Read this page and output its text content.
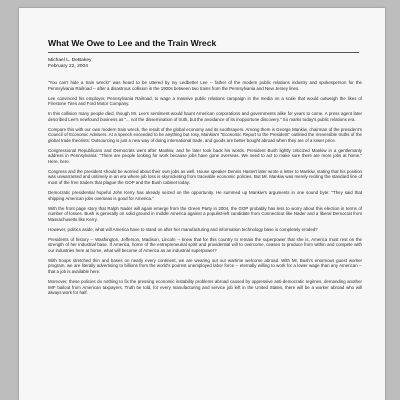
What We Owe to Lee and the Train Wreck
Michael L. DeBakey
February 22, 2004

"You can't hide a train wreck!" was heard to be uttered by Ivy Ledbetter Lee -- father of the modern public relations industry and spokesperson for the Pennsylvania Railroad -- after a disastrous collision in the 1900s between two trains from the Pennsylvania and New Jersey lines.

Lee convinced his employer, Pennsylvania Railroad, to wage a massive public relations campaign in the media on a scale that would outweigh the likes of Firestone Tires and Ford Motor Company.

In this collision many people died, though Mr. Lee's sentiment would haunt American corporations and governments alike for years to come. A press agent later described Lee's newfound business as "... not the dissemination of truth, but the avoidance of its inopportune discovery." So marks today's public relations era.

Compare this with our own modern train wreck, the result of the global economy and its soothsayers. Among them is George Mankiw, chairman of the president's Council of Economic Advisers. At a speech exceeded to be anything but rosy, Mankiw's "Economic Report to the President" outlined the irreversible truths of the global trade theorists: Outsourcing is just a new way of doing international trade, and goods are better bought abroad when they are of a lower price.

Congressional Republicans and Democrats went after Mankiw, and he later took back his words. President Bush lightly criticized Mankiw in a gentlemanly address in Pennsylvania: "There are people looking for work because jobs have gone overseas. We need to act to make sure there are more jobs at home." Here, here.

Congress and the president should be worried about their own jobs as well. House speaker Dennis Hastert later wrote a letter to Mankiw, stating that his position was unwarranted and untimely in an era where job loss is skyrocketing from traceable economic policies. But Mr. Mankiw was merely reciting the standard line of most of the free traders that plague the GOP and the Bush cabinet today.

Democratic presidential hopeful John Kerry has already seized on the opportunity. He summed up Mankiw's arguments in one sound byte: "They said that shipping American jobs overseas is good for America."

With the front page story that Ralph Nader will again emerge from the Green Party in 2004, the GOP probably has less to worry about this election in terms of number of losses. Bush is generally on solid ground in middle America against a populist-left candidate from Connecticut like Nader and a liberal Democrat from Massachusetts like Kerry.

However, politics aside, what will America have to stand on after her manufacturing and information technology base is completely eroded?

Presidents of history -- Washington, Jefferson, Madison, Lincoln -- knew that for this country to remain the superpower that she is, America must rest on the strength of her industrial base. If America, home of the entrepreneurial spirit and providential will to overcome, ceases to produce from within and compete with our industries here at home, what will become of America as an industrial superpower?

With troops stretched thin and bases on nearly every continent, we are wearing out our wartime welcome abroad. With Mr. Bush's enormous guest worker program, we are literally advertising to billions from the world's poorest unemployed labor force -- eternally willing to work for a lower wage than any American -- that a job is available here.

Moreover, these policies do nothing to fix the pressing economic instability problems abroad caused by oppressive anti-democratic regimes, demanding another IMF bailout from American taxpayers. Truth be told, for every manufacturing and service job left in the United States, there will be a worker abroad who will always work for half.
